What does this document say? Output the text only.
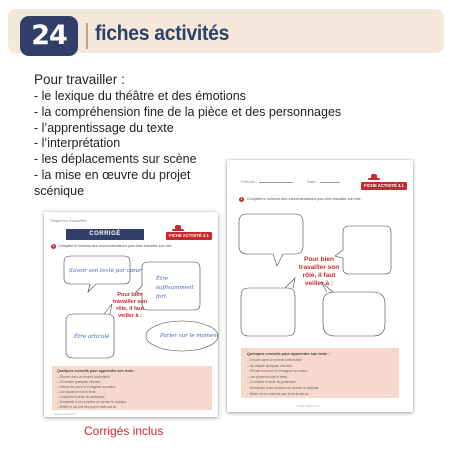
24	fiches activités
Pour travailler :
- le lexique du théâtre et des émotions
- la compréhension fine de la pièce et des personnages
- l’apprentissage du texte
- l’interprétation
- les déplacements sur scène
- la mise en œuvre du projet
scénique
Séquence d’activités
CORRIGÉ	FICHE ACTIVITÉ 4.1
1 Complète le schéma des recommandations pour bien travailler son rôle.
Savoir son texte par cœur
Être suffisamment fort
Être articulé	Parler sur le moment
Pour bien travailler son rôle, il faut veiller à :
Quelques conseils pour apprendre son texte :
– S’isoler dans un endroit confortable.
– Se relaxer quelques minutes.
– Fermer les yeux et s’imaginer sa scène.
– Lire plusieurs fois le texte.
– Connaître le texte du partenaire.
– Demander à ses proches de donner la réplique.
– Mettre le ton une fois que le texte est su.
Fiche activité 4.1
Prénom :	Date :
FICHE ACTIVITÉ 4.1
1	Complète le schéma des recommandations pour bien travailler son rôle.
Pour bien travailler son rôle, il faut veiller à :
Quelques conseils pour apprendre son texte :
– S’isoler dans un endroit confortable.
– Se relaxer quelques minutes.
– Fermer les yeux et s’imaginer sa scène.
– Lire plusieurs fois le texte.
– Connaître le texte du partenaire.
– Demander à ses proches de donner la réplique.
– Mettre le ton une fois que le texte est su.
Fiche activité 4.1
Corrigés inclus
